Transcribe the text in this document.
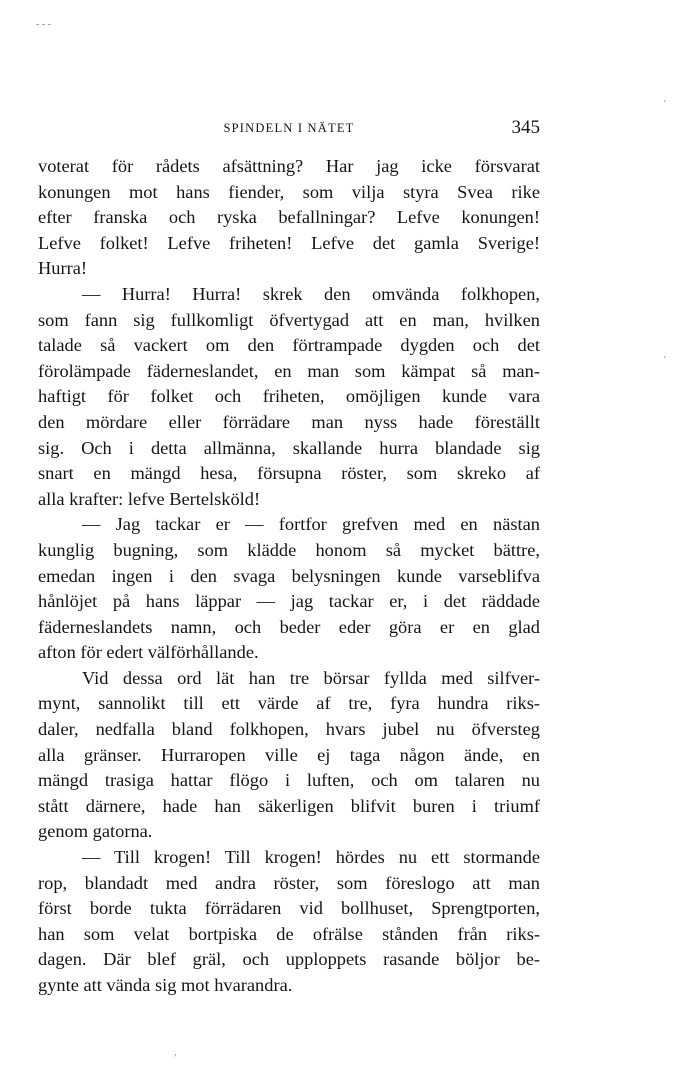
SPINDELN I NÄTET	345
voterat för rådets afsättning? Har jag icke försvarat
konungen mot hans fiender, som vilja styra Svea rike
efter franska och ryska befallningar? Lefve konungen!
Lefve folket! Lefve friheten! Lefve det gamla Sverige!
Hurra!
— Hurra! Hurra! skrek den omvända folkhopen,
som fann sig fullkomligt öfvertygad att en man, hvilken
talade så vackert om den förtrampade dygden och det
förolämpade fäderneslandet, en man som kämpat så man-
haftigt för folket och friheten, omöjligen kunde vara
den mördare eller förrädare man nyss hade föreställt
sig. Och i detta allmänna, skallande hurra blandade sig
snart en mängd hesa, försupna röster, som skreko af
alla krafter: lefve Bertelsköld!
— Jag tackar er — fortfor grefven med en nästan
kunglig bugning, som klädde honom så mycket bättre,
emedan ingen i den svaga belysningen kunde varseblifva
hånlöjet på hans läppar — jag tackar er, i det räddade
fäderneslandets namn, och beder eder göra er en glad
afton för edert välförhållande.
Vid dessa ord lät han tre börsar fyllda med silfver-
mynt, sannolikt till ett värde af tre, fyra hundra riks-
daler, nedfalla bland folkhopen, hvars jubel nu öfversteg
alla gränser. Hurraropen ville ej taga någon ände, en
mängd trasiga hattar flögo i luften, och om talaren nu
stått därnere, hade han säkerligen blifvit buren i triumf
genom gatorna.
— Till krogen! Till krogen! hördes nu ett stormande
rop, blandadt med andra röster, som föreslogo att man
först borde tukta förrädaren vid bollhuset, Sprengtporten,
han som velat bortpiska de ofrälse stånden från riks-
dagen. Där blef gräl, och upploppets rasande böljor be-
gynte att vända sig mot hvarandra.
- - -
'
'
,
